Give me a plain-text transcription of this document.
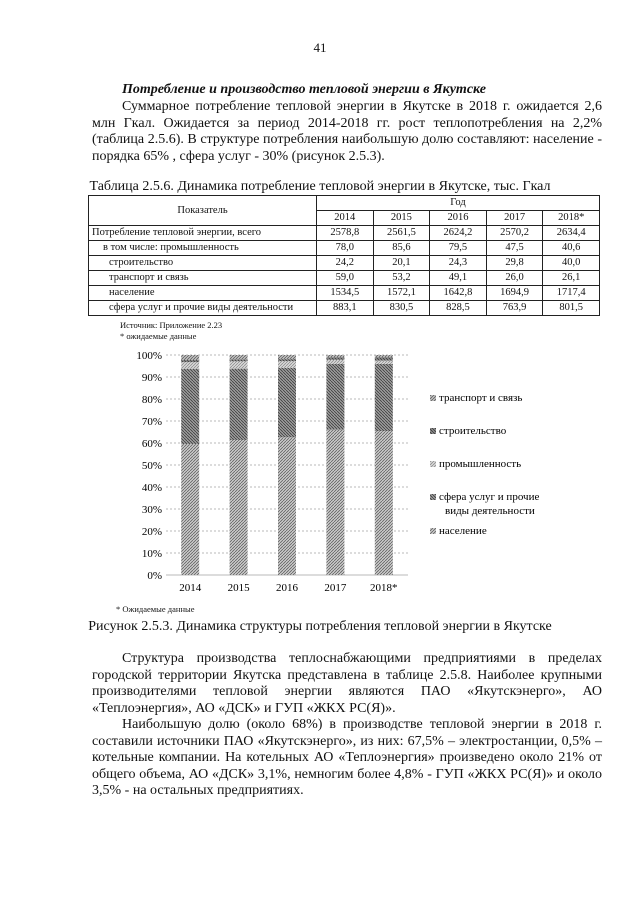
41
Потребление и производство тепловой энергии в Якутске

Суммарное потребление тепловой энергии в Якутске в 2018 г. ожидается 2,6 млн Гкал. Ожидается за период 2014-2018 гг. рост теплопотребления на 2,2% (таблица 2.5.6). В структуре потребления наибольшую долю составляют: население - порядка 65% , сфера услуг - 30% (рисунок 2.5.3).

Таблица 2.5.6. Динамика потребление тепловой энергии в Якутске, тыс. Гкал
Показатель	Год				
	2014	2015	2016	2017	2018*
Потребление тепловой энергии, всего	2578,8	2561,5	2624,2	2570,2	2634,4
в том числе: промышленность	78,0	85,6	79,5	47,5	40,6
строительство	24,2	20,1	24,3	29,8	40,0
транспорт и связь	59,0	53,2	49,1	26,0	26,1
население	1534,5	1572,1	1642,8	1694,9	1717,4
сфера услуг и прочие виды деятельности	883,1	830,5	828,5	763,9	801,5
Источник: Приложение 2.23
* ожидаемые данные
0%
10%
20%
30%
40%
50%
60%
70%
80%
90%
100%
2014 2015 2016 2017 2018*
транспорт и связь
строительство
промышленность
сфера услуг и прочие виды деятельности
население
* Ожидаемые данные
Рисунок 2.5.3. Динамика структуры потребления тепловой энергии в Якутске

Структура производства теплоснабжающими предприятиями в пределах городской территории Якутска представлена в таблице 2.5.8. Наиболее крупными производителями тепловой энергии являются ПАО «Якутскэнерго», АО «Теплоэнергия», АО «ДСК» и ГУП «ЖКХ РС(Я)».

Наибольшую долю (около 68%) в производстве тепловой энергии в 2018 г. составили источники ПАО «Якутскэнерго», из них: 67,5% – электростанции, 0,5% – котельные компании. На котельных АО «Теплоэнергия» произведено около 21% от общего объема, АО «ДСК» 3,1%, немногим более 4,8% - ГУП «ЖКХ РС(Я)» и около 3,5% - на остальных предприятиях.
